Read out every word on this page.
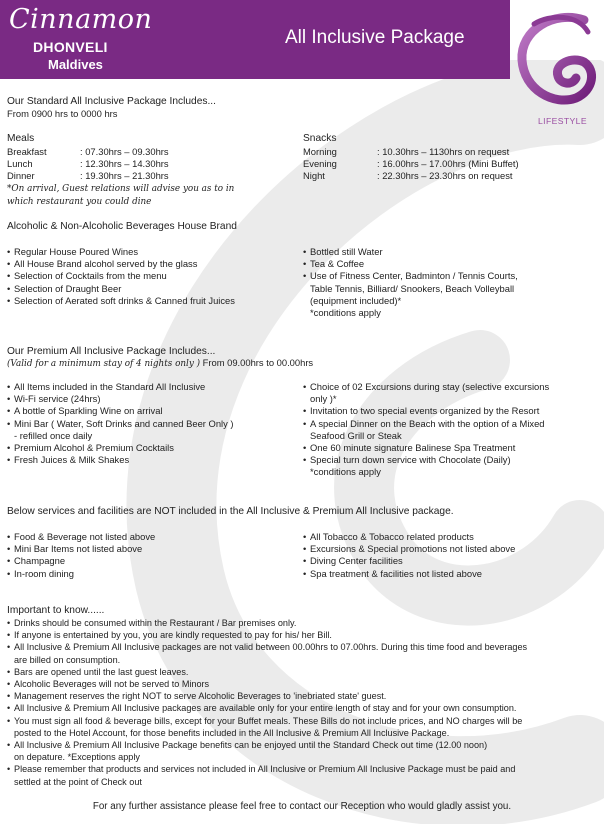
Cinnamon
DHONVELI
Maldives
All Inclusive Package
LIFESTYLE
Our Standard All Inclusive Package Includes...
From 0900 hrs to 0000 hrs
Meals
Breakfast	: 07.30hrs – 09.30hrs
Lunch	: 12.30hrs – 14.30hrs
Dinner	: 19.30hrs – 21.30hrs
*On arrival, Guest relations will advise you as to in
which restaurant you could dine
Snacks
Morning	: 10.30hrs – 1130hrs on request
Evening	: 16.00hrs – 17.00hrs (Mini Buffet)
Night	: 22.30hrs – 23.30hrs on request
Alcoholic & Non-Alcoholic Beverages House Brand
• Regular House Poured Wines
• All House Brand alcohol served by the glass
• Selection of Cocktails from the menu
• Selection of Draught Beer
• Selection of Aerated soft drinks & Canned fruit Juices
• Bottled still Water
• Tea & Coffee
• Use of Fitness Center, Badminton / Tennis Courts,
Table Tennis, Billiard/ Snookers, Beach Volleyball
(equipment included)*
*conditions apply
Our Premium All Inclusive Package Includes...
(Valid for a minimum stay of 4 nights only ) From 09.00hrs to 00.00hrs
• All Items included in the Standard All Inclusive
• Wi-Fi service (24hrs)
• A bottle of Sparkling Wine on arrival
• Mini Bar ( Water, Soft Drinks and canned Beer Only )
- refilled once daily
• Premium Alcohol & Premium Cocktails
• Fresh Juices & Milk Shakes
• Choice of 02 Excursions during stay (selective excursions
only )*
• Invitation to two special events organized by the Resort
• A special Dinner on the Beach with the option of a Mixed
Seafood Grill or Steak
• One 60 minute signature Balinese Spa Treatment
• Special turn down service with Chocolate (Daily)
*conditions apply
Below services and facilities are NOT included in the All Inclusive & Premium All Inclusive package.
• Food & Beverage not listed above
• Mini Bar Items not listed above
• Champagne
• In-room dining
• All Tobacco & Tobacco related products
• Excursions & Special promotions not listed above
• Diving Center facilities
• Spa treatment & facilities not listed above
Important to know......
• Drinks should be consumed within the Restaurant / Bar premises only.
• If anyone is entertained by you, you are kindly requested to pay for his/ her Bill.
• All Inclusive & Premium All Inclusive packages are not valid between 00.00hrs to 07.00hrs. During this time food and beverages
are billed on consumption.
• Bars are opened until the last guest leaves.
• Alcoholic Beverages will not be served to Minors
• Management reserves the right NOT to serve Alcoholic Beverages to 'inebriated state' guest.
• All Inclusive & Premium All Inclusive packages are available only for your entire length of stay and for your own consumption.
• You must sign all food & beverage bills, except for your Buffet meals. These Bills do not include prices, and NO charges will be
posted to the Hotel Account, for those benefits included in the All Inclusive & Premium All Inclusive Package.
• All Inclusive & Premium All Inclusive Package benefits can be enjoyed until the Standard Check out time (12.00 noon)
on depature. *Exceptions apply
• Please remember that products and services not included in All Inclusive or Premium All Inclusive Package must be paid and
settled at the point of Check out
For any further assistance please feel free to contact our Reception who would gladly assist you.
